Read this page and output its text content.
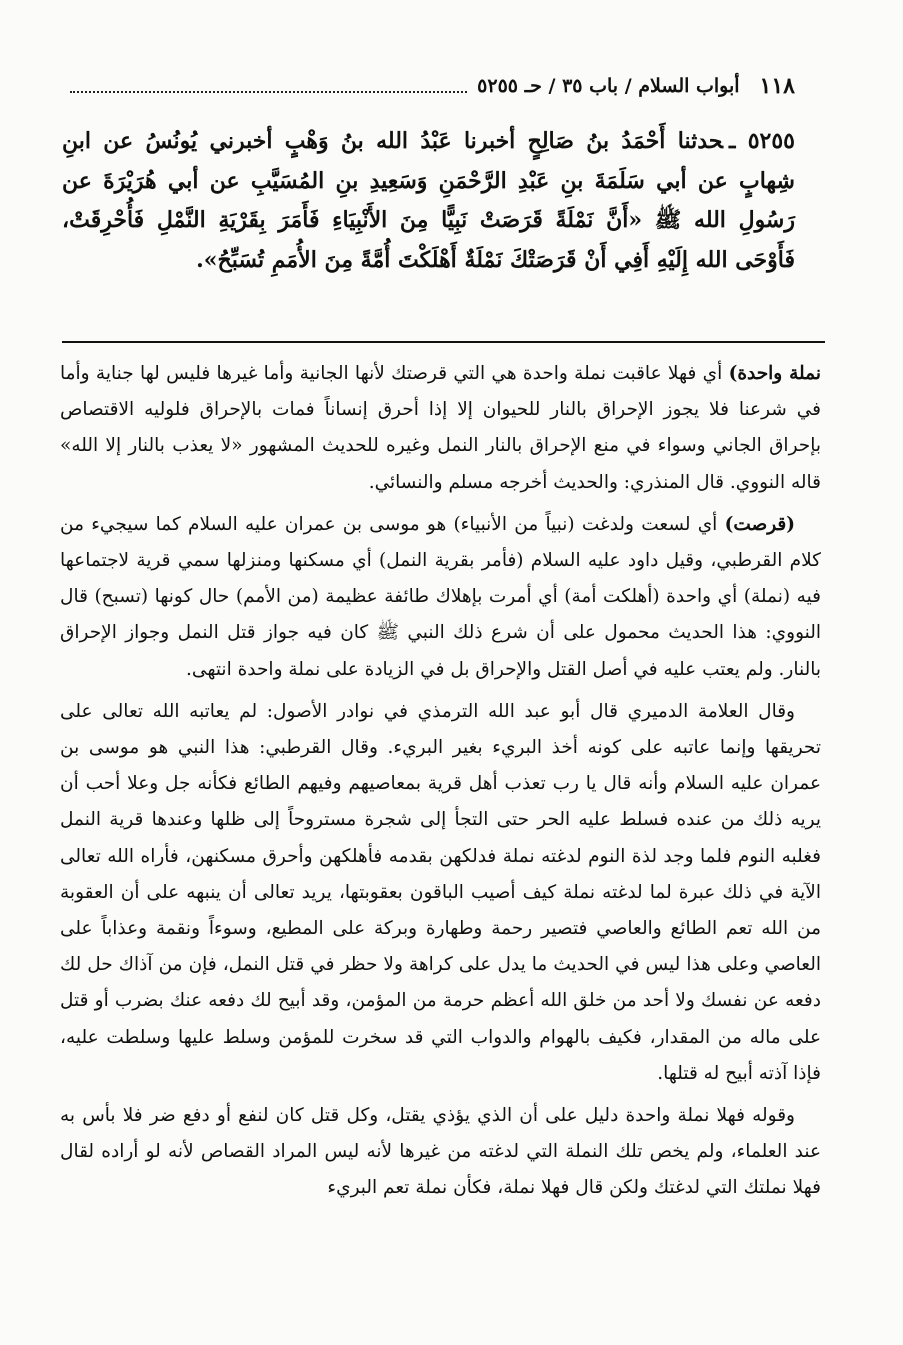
١١٨
أبواب السلام / باب ٣٥ / حـ ٥٢٥٥
٥٢٥٥ ـحدثنا أَحْمَدُ بنُ صَالِحٍ أخبرنا عَبْدُ الله بنُ وَهْبٍ أخبرني يُونُسُ عن ابنِ شِهابٍ عن أبي سَلَمَةَ بنِ عَبْدِ الرَّحْمَنِ وَسَعِيدِ بنِ المُسَيَّبِ عن أبي هُرَيْرَةَ عن رَسُولِ الله ﷺ «أَنَّ نَمْلَةً قَرَصَتْ نَبِيًّا مِنَ الأَنْبِيَاءِ فَأَمَرَ بِقَرْيَةِ النَّمْلِ فَأُحْرِقَتْ، فَأَوْحَى الله إِلَيْهِ أَفِي أَنْ قَرَصَتْكَ نَمْلَةٌ أَهْلَكْتَ أُمَّةً مِنَ الأُمَمِ تُسَبِّحُ».

نملة واحدة) أي فهلا عاقبت نملة واحدة هي التي قرصتك لأنها الجانية وأما غيرها فليس لها جناية وأما في شرعنا فلا يجوز الإحراق بالنار للحيوان إلا إذا أحرق إنساناً فمات بالإحراق فلوليه الاقتصاص بإحراق الجاني وسواء في منع الإحراق بالنار النمل وغيره للحديث المشهور «لا يعذب بالنار إلا الله» قاله النووي. قال المنذري: والحديث أخرجه مسلم والنسائي.

(قرصت) أي لسعت ولدغت (نبياً من الأنبياء) هو موسى بن عمران عليه السلام كما سيجيء من كلام القرطبي، وقيل داود عليه السلام (فأمر بقرية النمل) أي مسكنها ومنزلها سمي قرية لاجتماعها فيه (نملة) أي واحدة (أهلكت أمة) أي أمرت بإهلاك طائفة عظيمة (من الأمم) حال كونها (تسبح) قال النووي: هذا الحديث محمول على أن شرع ذلك النبي ﷺ كان فيه جواز قتل النمل وجواز الإحراق بالنار. ولم يعتب عليه في أصل القتل والإحراق بل في الزيادة على نملة واحدة انتهى.

وقال العلامة الدميري قال أبو عبد الله الترمذي في نوادر الأصول: لم يعاتبه الله تعالى على تحريقها وإنما عاتبه على كونه أخذ البريء بغير البريء. وقال القرطبي: هذا النبي هو موسى بن عمران عليه السلام وأنه قال يا رب تعذب أهل قرية بمعاصيهم وفيهم الطائع فكأنه جل وعلا أحب أن يريه ذلك من عنده فسلط عليه الحر حتى التجأ إلى شجرة مستروحاً إلى ظلها وعندها قرية النمل فغلبه النوم فلما وجد لذة النوم لدغته نملة فدلكهن بقدمه فأهلكهن وأحرق مسكنهن، فأراه الله تعالى الآية في ذلك عبرة لما لدغته نملة كيف أصيب الباقون بعقوبتها، يريد تعالى أن ينبهه على أن العقوبة من الله تعم الطائع والعاصي فتصير رحمة وطهارة وبركة على المطيع، وسوءاً ونقمة وعذاباً على العاصي وعلى هذا ليس في الحديث ما يدل على كراهة ولا حظر في قتل النمل، فإن من آذاك حل لك دفعه عن نفسك ولا أحد من خلق الله أعظم حرمة من المؤمن، وقد أبيح لك دفعه عنك بضرب أو قتل على ماله من المقدار، فكيف بالهوام والدواب التي قد سخرت للمؤمن وسلط عليها وسلطت عليه، فإذا آذته أبيح له قتلها.

وقوله فهلا نملة واحدة دليل على أن الذي يؤذي يقتل، وكل قتل كان لنفع أو دفع ضر فلا بأس به عند العلماء، ولم يخص تلك النملة التي لدغته من غيرها لأنه ليس المراد القصاص لأنه لو أراده لقال فهلا نملتك التي لدغتك ولكن قال فهلا نملة، فكأن نملة تعم البريء
